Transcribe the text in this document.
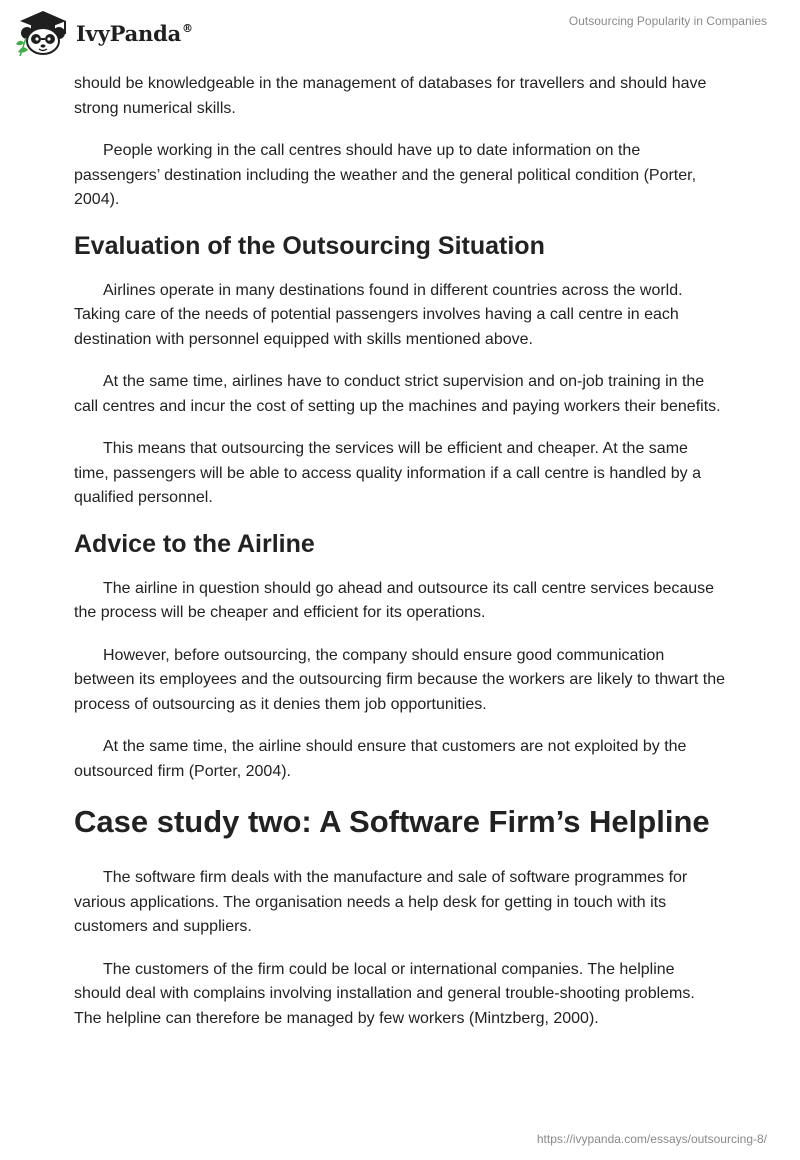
IvyPanda®	Outsourcing Popularity in Companies

should be knowledgeable in the management of databases for travellers and should have strong numerical skills.

People working in the call centres should have up to date information on the passengers’ destination including the weather and the general political condition (Porter, 2004).

Evaluation of the Outsourcing Situation

Airlines operate in many destinations found in different countries across the world. Taking care of the needs of potential passengers involves having a call centre in each destination with personnel equipped with skills mentioned above.

At the same time, airlines have to conduct strict supervision and on-job training in the call centres and incur the cost of setting up the machines and paying workers their benefits.

This means that outsourcing the services will be efficient and cheaper. At the same time, passengers will be able to access quality information if a call centre is handled by a qualified personnel.

Advice to the Airline

The airline in question should go ahead and outsource its call centre services because the process will be cheaper and efficient for its operations.

However, before outsourcing, the company should ensure good communication between its employees and the outsourcing firm because the workers are likely to thwart the process of outsourcing as it denies them job opportunities.

At the same time, the airline should ensure that customers are not exploited by the outsourced firm (Porter, 2004).

Case study two: A Software Firm’s Helpline

The software firm deals with the manufacture and sale of software programmes for various applications. The organisation needs a help desk for getting in touch with its customers and suppliers.

The customers of the firm could be local or international companies. The helpline should deal with complains involving installation and general trouble-shooting problems. The helpline can therefore be managed by few workers (Mintzberg, 2000).

https://ivypanda.com/essays/outsourcing-8/
